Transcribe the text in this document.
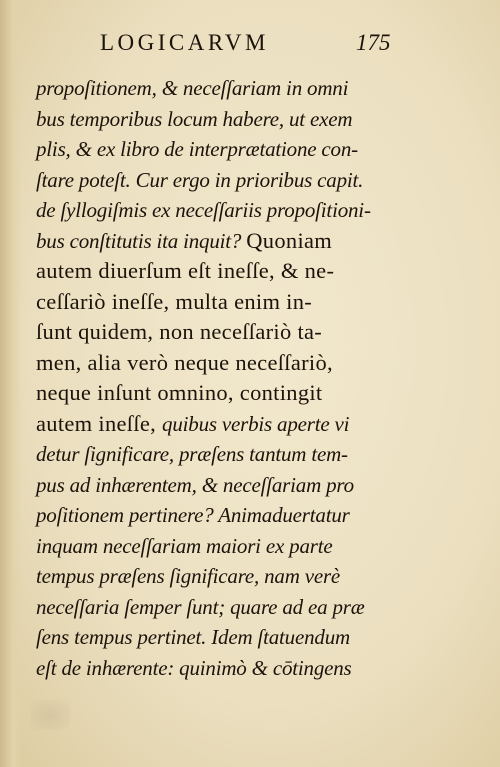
LOGICARVM	175
propoſitionem, & neceſſariam in omni
bus temporibus locum habere, ut exem
plis, & ex libro de interprætatione con-
ſtare poteſt. Cur ergo in prioribus capit.
de ſyllogiſmis ex neceſſariis propoſitioni-
bus conſtitutis ita inquit? Quoniam
autem diuerſum eſt ineſſe, & ne-
ceſſariò ineſſe, multa enim in-
ſunt quidem, non neceſſariò ta-
men, alia verò neque neceſſariò,
neque inſunt omnino, contingit
autem ineſſe, quibus verbis aperte vi
detur ſignificare, præſens tantum tem-
pus ad inhærentem, & neceſſariam pro
poſitionem pertinere? Animaduertatur
inquam neceſſariam maiori ex parte
tempus præſens ſignificare, nam verè
neceſſaria ſemper ſunt; quare ad ea præ
ſens tempus pertinet. Idem ſtatuendum
eſt de inhærente: quinimò & cōtingens
